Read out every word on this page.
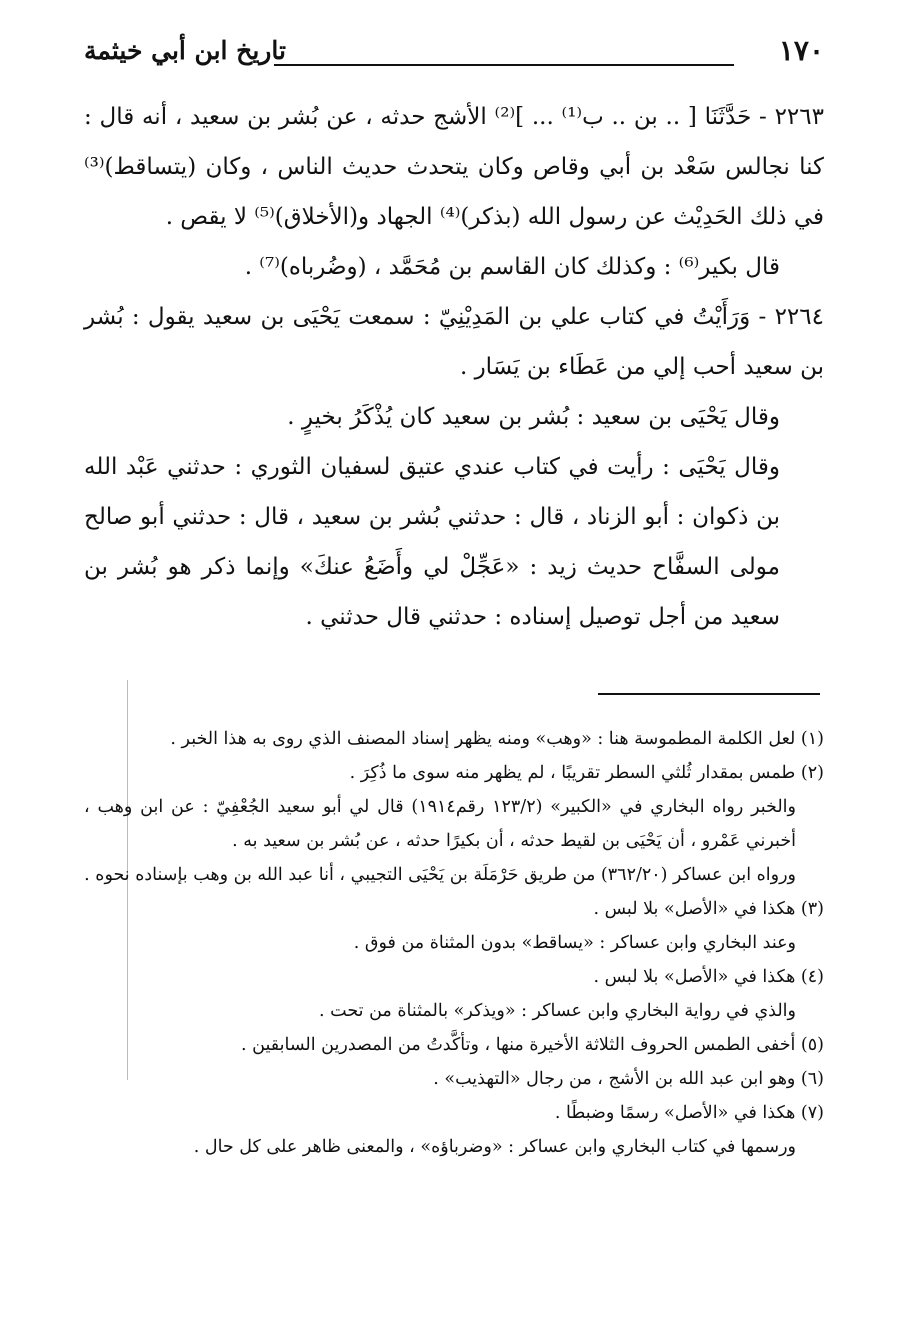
١٧٠
تاريخ ابن أبي خيثمة

٢٢٦٣ - حَدَّثَنَا [ .. بن .. ب⁽¹⁾ ... ]⁽²⁾ الأشج حدثه ، عن بُشر بن سعيد ، أنه قال : كنا نجالس سَعْد بن أبي وقاص وكان يتحدث حديث الناس ، وكان (يتساقط)⁽³⁾ في ذلك الحَدِيْث عن رسول الله (بذكر)⁽⁴⁾ الجهاد و(الأخلاق)⁽⁵⁾ لا يقص .

قال بكير⁽⁶⁾ : وكذلك كان القاسم بن مُحَمَّد ، (وضُرباه)⁽⁷⁾ .

٢٢٦٤ - وَرَأَيْتُ في كتاب علي بن المَدِيْنِيّ : سمعت يَحْيَى بن سعيد يقول : بُشر بن سعيد أحب إلي من عَطَاء بن يَسَار .

وقال يَحْيَى بن سعيد : بُشر بن سعيد كان يُذْكَرُ بخيرٍ .

وقال يَحْيَى : رأيت في كتاب عندي عتيق لسفيان الثوري : حدثني عَبْد الله بن ذكوان : أبو الزناد ، قال : حدثني بُشر بن سعيد ، قال : حدثني أبو صالح مولى السفَّاح حديث زيد : «عَجِّلْ لي وأَضَعُ عنكَ» وإنما ذكر هو بُشر بن سعيد من أجل توصيل إسناده : حدثني قال حدثني .

(١) لعل الكلمة المطموسة هنا : «وهب» ومنه يظهر إسناد المصنف الذي روى به هذا الخبر .

(٢) طمس بمقدار ثُلثي السطر تقريبًا ، لم يظهر منه سوى ما ذُكِرَ .

والخبر رواه البخاري في «الكبير» (١٢٣/٢ رقم١٩١٤) قال لي أبو سعيد الجُعْفِيّ : عن ابن وهب ، أخبرني عَمْرو ، أن يَحْيَى بن لقيط حدثه ، أن بكيرًا حدثه ، عن بُشر بن سعيد به .

ورواه ابن عساكر (٣٦٢/٢٠) من طريق حَرْمَلَة بن يَحْيَى التجيبي ، أنا عبد الله بن وهب بإسناده نحوه .

(٣) هكذا في «الأصل» بلا لبس .

وعند البخاري وابن عساكر : «يساقط» بدون المثناة من فوق .

(٤) هكذا في «الأصل» بلا لبس .

والذي في رواية البخاري وابن عساكر : «ويذكر» بالمثناة من تحت .

(٥) أخفى الطمس الحروف الثلاثة الأخيرة منها ، وتأكَّدتُ من المصدرين السابقين .

(٦) وهو ابن عبد الله بن الأشج ، من رجال «التهذيب» .

(٧) هكذا في «الأصل» رسمًا وضبطًا .

ورسمها في كتاب البخاري وابن عساكر : «وضرباؤه» ، والمعنى ظاهر على كل حال .
